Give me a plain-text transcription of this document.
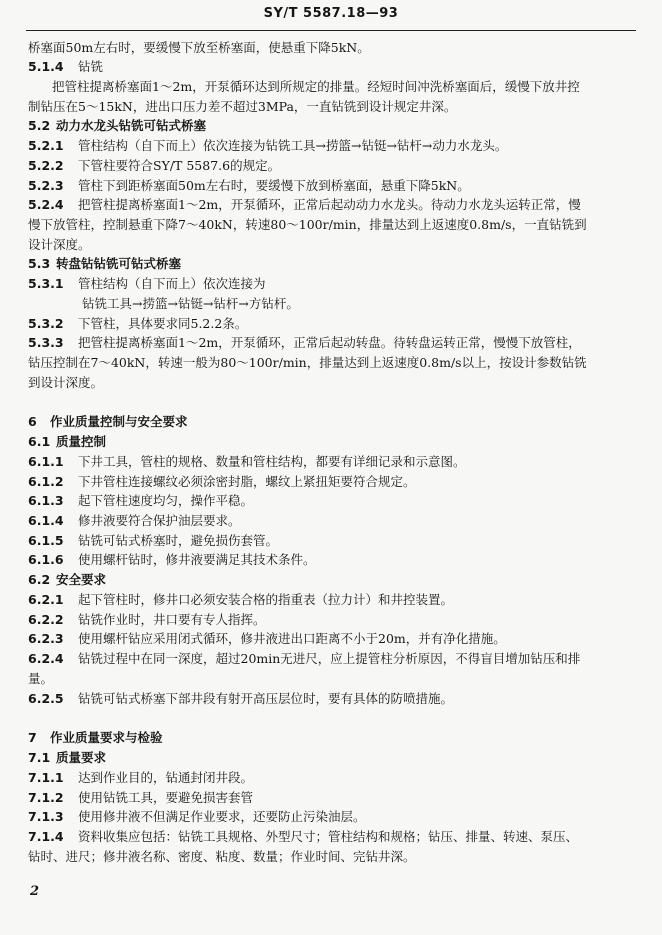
SY/T 5587.18—93
桥塞面50m左右时，要缓慢下放至桥塞面，使悬重下降5kN。
5.1.4 钻铣
把管柱提离桥塞面1～2m，开泵循环达到所规定的排量。经短时间冲洗桥塞面后，缓慢下放井控
制钻压在5～15kN，进出口压力差不超过3MPa，一直钻铣到设计规定井深。
5.2 动力水龙头钻铣可钻式桥塞
5.2.1 管柱结构（自下而上）依次连接为钻铣工具→捞篮→钻铤→钻杆→动力水龙头。
5.2.2 下管柱要符合SY/T 5587.6的规定。
5.2.3 管柱下到距桥塞面50m左右时，要缓慢下放到桥塞面，悬重下降5kN。
5.2.4 把管柱提离桥塞面1～2m，开泵循环，正常后起动动力水龙头。待动力水龙头运转正常，慢
慢下放管柱，控制悬重下降7～40kN，转速80～100r/min，排量达到上返速度0.8m/s，一直钻铣到
设计深度。
5.3 转盘钻钻铣可钻式桥塞
5.3.1 管柱结构（自下而上）依次连接为
钻铣工具→捞篮→钻铤→钻杆→方钻杆。
5.3.2 下管柱，具体要求同5.2.2条。
5.3.3 把管柱提离桥塞面1～2m，开泵循环，正常后起动转盘。待转盘运转正常，慢慢下放管柱，
钻压控制在7～40kN，转速一般为80～100r/min，排量达到上返速度0.8m/s以上，按设计参数钻铣
到设计深度。
6 作业质量控制与安全要求
6.1 质量控制
6.1.1 下井工具，管柱的规格、数量和管柱结构，都要有详细记录和示意图。
6.1.2 下井管柱连接螺纹必须涂密封脂，螺纹上紧扭矩要符合规定。
6.1.3 起下管柱速度均匀，操作平稳。
6.1.4 修井液要符合保护油层要求。
6.1.5 钻铣可钻式桥塞时，避免损伤套管。
6.1.6 使用螺杆钻时，修井液要满足其技术条件。
6.2 安全要求
6.2.1 起下管柱时，修井口必须安装合格的指重表（拉力计）和井控装置。
6.2.2 钻铣作业时，井口要有专人指挥。
6.2.3 使用螺杆钻应采用闭式循环，修井液进出口距离不小于20m，并有净化措施。
6.2.4 钻铣过程中在同一深度，超过20min无进尺，应上提管柱分析原因，不得盲目增加钻压和排
量。
6.2.5 钻铣可钻式桥塞下部井段有射开高压层位时，要有具体的防喷措施。
7 作业质量要求与检验
7.1 质量要求
7.1.1 达到作业目的，钻通封闭井段。
7.1.2 使用钻铣工具，要避免损害套管
7.1.3 使用修井液不但满足作业要求，还要防止污染油层。
7.1.4 资料收集应包括：钻铣工具规格、外型尺寸；管柱结构和规格；钻压、排量、转速、泵压、
钻时、进尺；修井液名称、密度、粘度、数量；作业时间、完钻井深。
2
